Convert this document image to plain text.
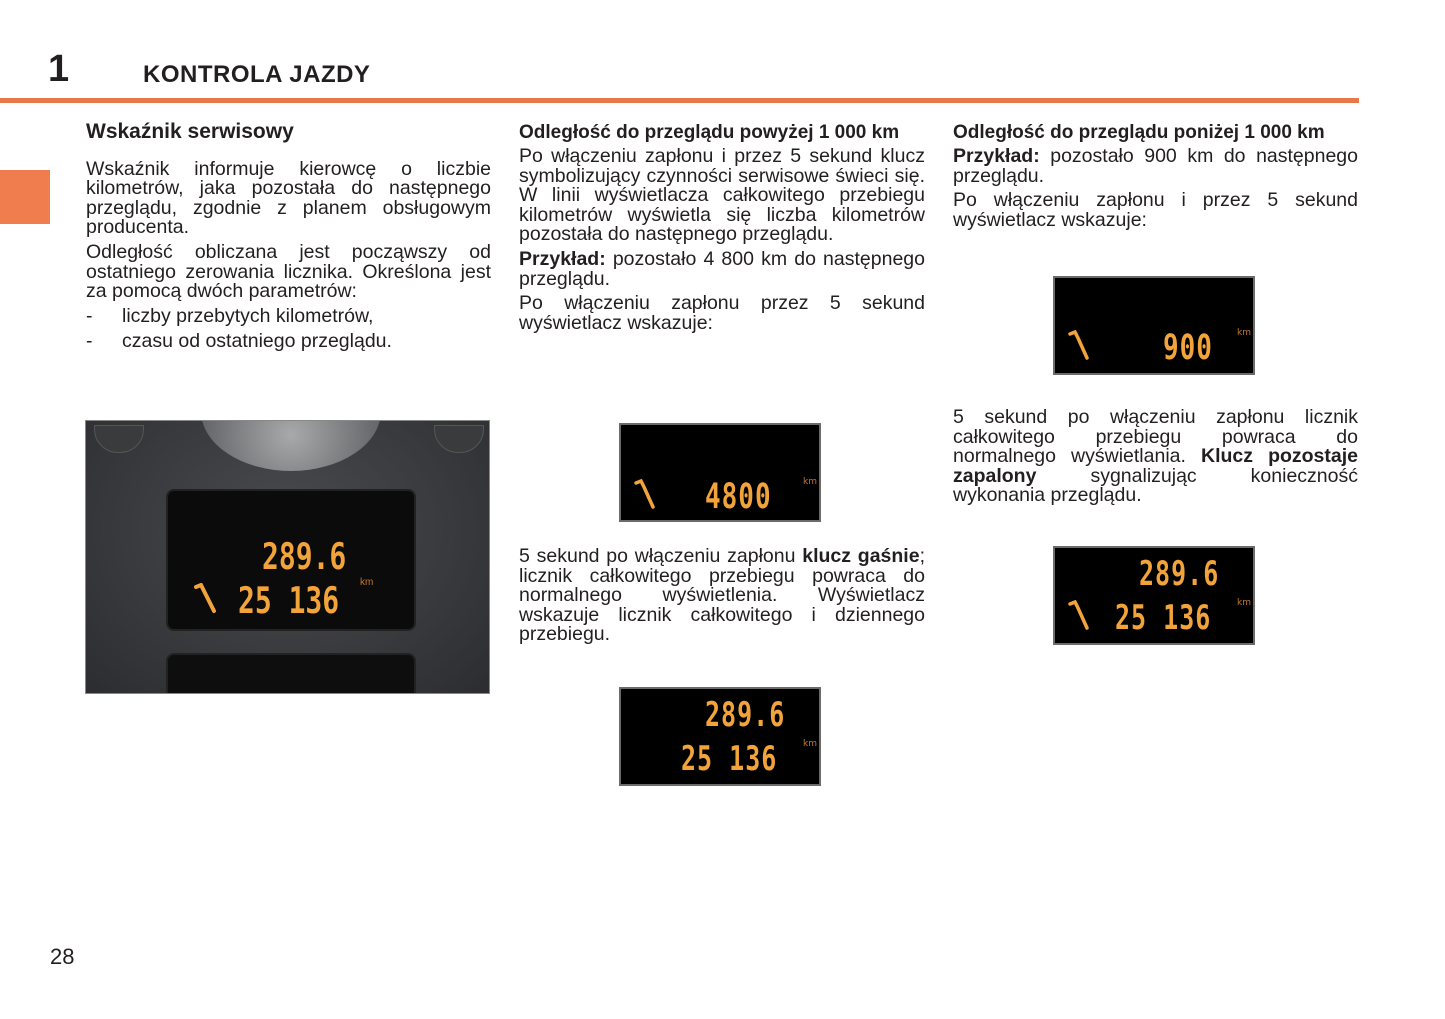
1	KONTROLA JAZDY
Wskaźnik serwisowy

Wskaźnik informuje kierowcę o liczbie kilometrów, jaka pozostała do następnego przeglądu, zgodnie z planem obsługowym producenta.

Odległość obliczana jest począwszy od ostatniego zerowania licznika. Określona jest za pomocą dwóch parametrów:

- liczby przebytych kilometrów,
- czasu od ostatniego przeglądu.
289.6
25 136 km
Odległość do przeglądu powyżej 1 000 km

Po włączeniu zapłonu i przez 5 sekund klucz symbolizujący czynności serwisowe świeci się. W linii wyświetlacza całkowitego przebiegu kilometrów wyświetla się liczba kilometrów pozostała do następnego przeglądu.

Przykład: pozostało 4 800 km do następnego przeglądu.

Po włączeniu zapłonu przez 5 sekund wyświetlacz wskazuje:

4800	km

5 sekund po włączeniu zapłonu klucz gaśnie; licznik całkowitego przebiegu powraca do normalnego wyświetlenia. Wyświetlacz wskazuje licznik całkowitego i dziennego przebiegu.

289.6
25 136	km
Odległość do przeglądu poniżej 1 000 km

Przykład: pozostało 900 km do następnego przeglądu.

Po włączeniu zapłonu i przez 5 sekund wyświetlacz wskazuje:

900	km

5 sekund po włączeniu zapłonu licznik całkowitego przebiegu powraca do normalnego wyświetlania. Klucz pozostaje zapalony sygnalizując konieczność wykonania przeglądu.

289.6
25 136	km
28
